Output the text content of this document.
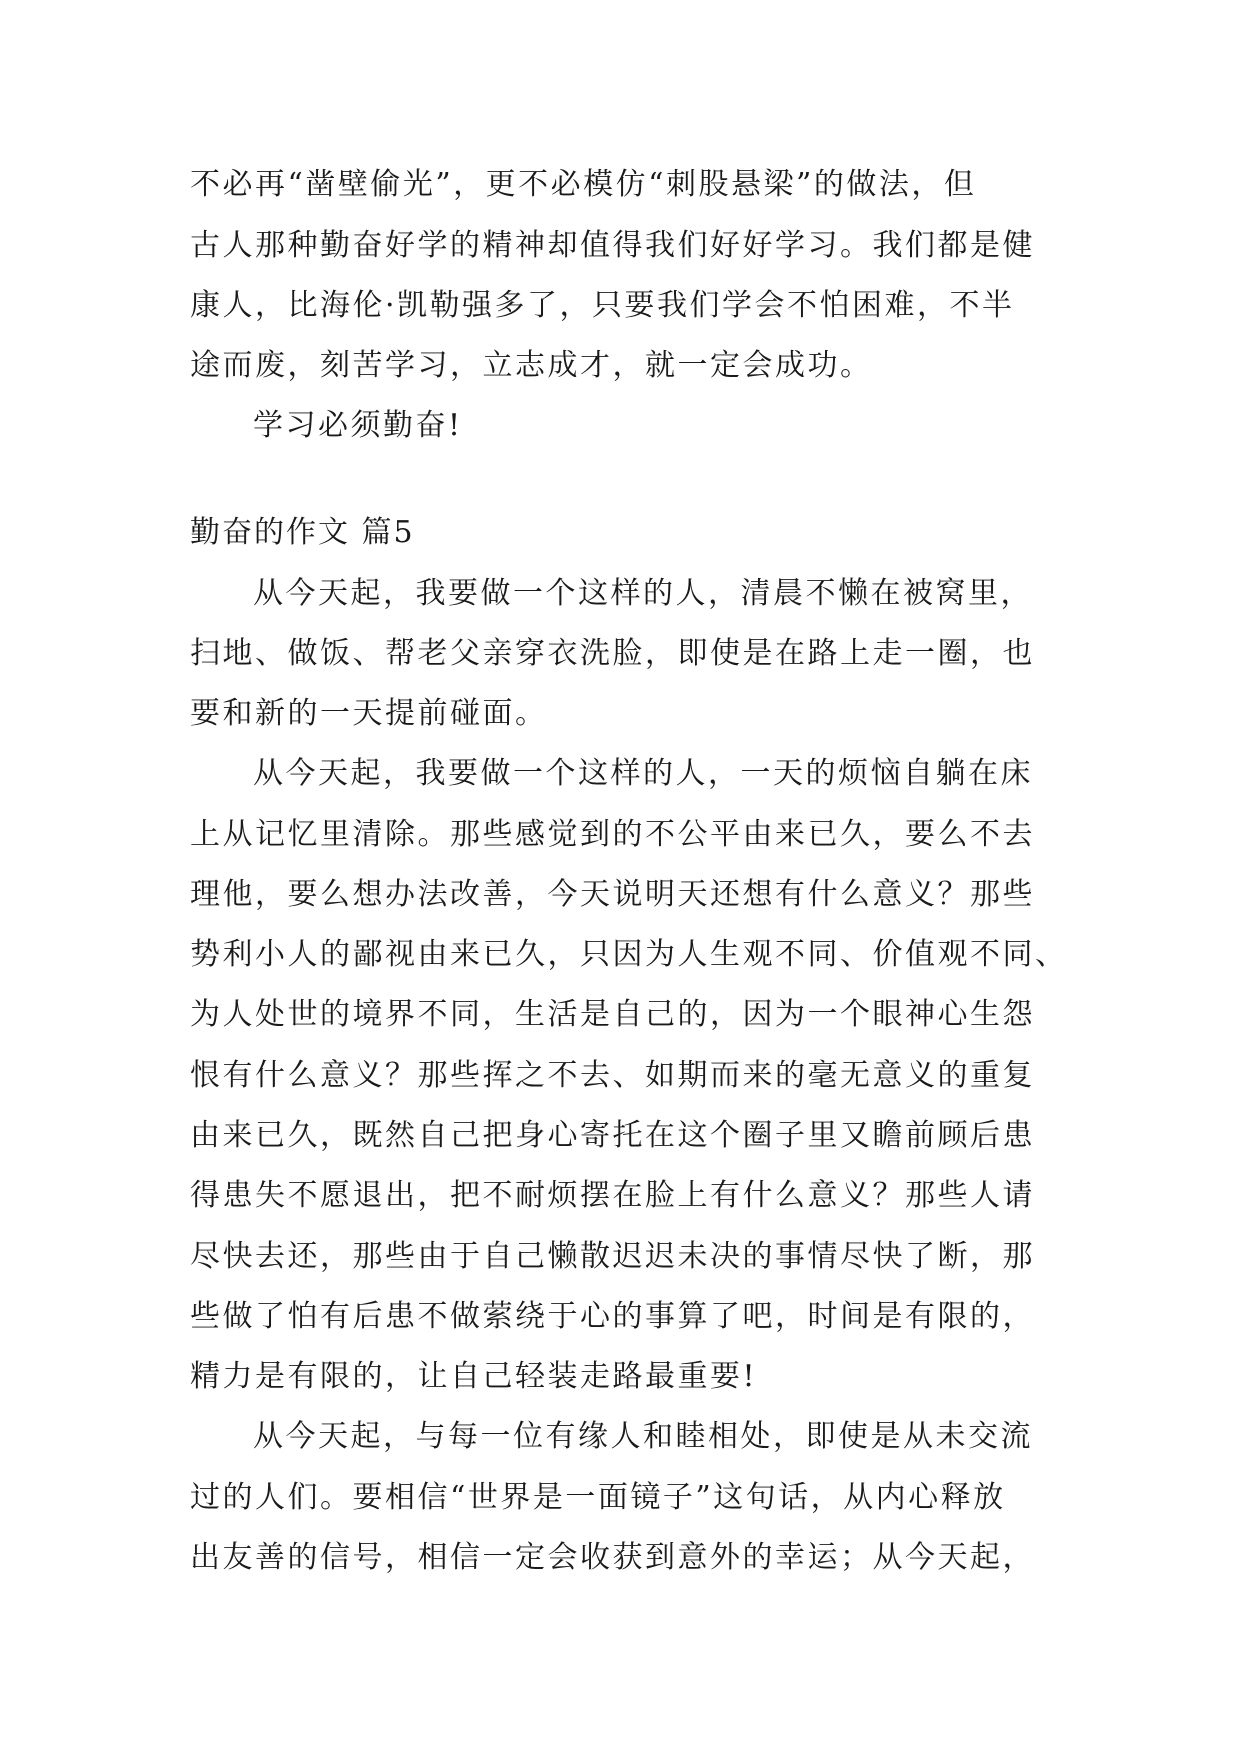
不必再“凿壁偷光”，更不必模仿“刺股悬梁”的做法，但
古人那种勤奋好学的精神却值得我们好好学习。我们都是健
康人，比海伦·凯勒强多了，只要我们学会不怕困难，不半
途而废，刻苦学习，立志成才，就一定会成功。
学习必须勤奋!
勤奋的作文 篇5
从今天起，我要做一个这样的人，清晨不懒在被窝里，
扫地、做饭、帮老父亲穿衣洗脸，即使是在路上走一圈，也
要和新的一天提前碰面。
从今天起，我要做一个这样的人，一天的烦恼自躺在床
上从记忆里清除。那些感觉到的不公平由来已久，要么不去
理他，要么想办法改善，今天说明天还想有什么意义？那些
势利小人的鄙视由来已久，只因为人生观不同、价值观不同、
为人处世的境界不同，生活是自己的，因为一个眼神心生怨
恨有什么意义？那些挥之不去、如期而来的毫无意义的重复
由来已久，既然自己把身心寄托在这个圈子里又瞻前顾后患
得患失不愿退出，把不耐烦摆在脸上有什么意义？那些人请
尽快去还，那些由于自己懒散迟迟未决的事情尽快了断，那
些做了怕有后患不做萦绕于心的事算了吧，时间是有限的，
精力是有限的，让自己轻装走路最重要!
从今天起，与每一位有缘人和睦相处，即使是从未交流
过的人们。要相信“世界是一面镜子”这句话，从内心释放
出友善的信号，相信一定会收获到意外的幸运；从今天起，
